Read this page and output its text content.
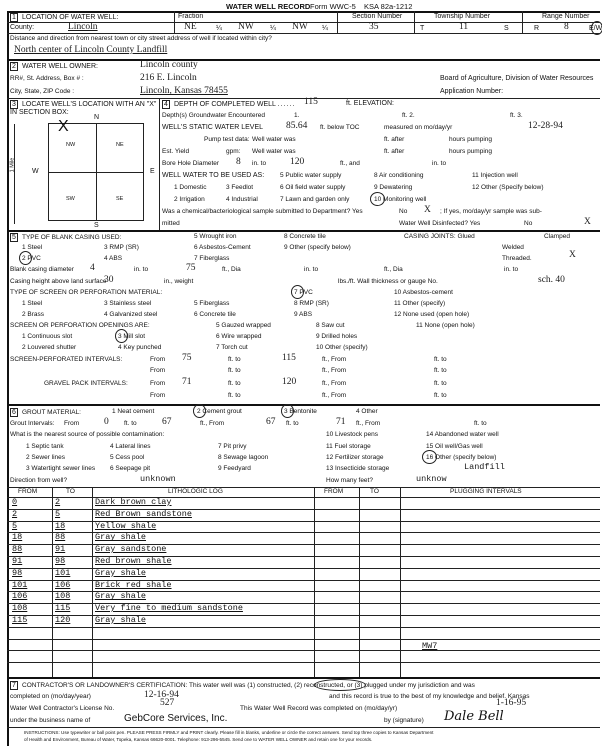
WATER WELL RECORD Form WWC-5 KSA 82a-1212
1 LOCATION OF WATER WELL:	Fraction	Section Number	Township Number	Range Number
County:	Lincoln	NE	¼ NW ¼ NW ¼	35	T	11	S	R	8	E/W
Distance and direction from nearest town or city street address of well if located within city?
North center of Lincoln County Landfill
2 WATER WELL OWNER:	Lincoln county
RR#, St. Address, Box # :	216 E. Lincoln
City, State, ZIP Code :	Lincoln, Kansas 78455
Board of Agriculture, Division of Water Resources
Application Number:
3 LOCATE WELL'S LOCATION WITH AN "X" IN SECTION BOX:
N
S
W	E
1 Mile
NW	NE
SW	SE
X
4 DEPTH OF COMPLETED WELL ...... 115	ft. ELEVATION:
Depth(s) Groundwater Encountered	1.	ft. 2.	ft. 3.
WELL'S STATIC WATER LEVEL 85.64 ft. below TOC	measured on mo/day/yr	12-28-94
Pump test data: Well water was	ft. after	hours pumping
Est. Yield	gpm: Well water was	ft. after	hours pumping
Bore Hole Diameter 8 in. to	120	ft., and	in. to
WELL WATER TO BE USED AS:
1 Domestic	3 Feedlot
5 Public water supply	8 Air conditioning	11 Injection well
2 Irrigation	4 Industrial
6 Oil field water supply	9 Dewatering	12 Other (Specify below)
7 Lawn and garden only	10 Monitoring well
Was a chemical/bacteriological sample submitted to Department? Yes	No X ; If yes, mo/day/yr sample was sub-
mitted	Water Well Disinfected? Yes	No	X
5 TYPE OF BLANK CASING USED:
1 Steel	3 RMP (SR)
5 Wrought iron	8 Concrete tile
2 PVC	4 ABS
6 Asbestos-Cement	9 Other (specify below)
7 Fiberglass
CASING JOINTS: Glued	Clamped
Welded
Threaded.	X
Blank casing diameter 4	in. to	75	ft., Dia	in. to	ft., Dia	in. to
Casing height above land surface
30	in., weight	lbs./ft. Wall thickness or gauge No.	sch. 40
TYPE OF SCREEN OR PERFORATION MATERIAL:
1 Steel	3 Stainless steel	5 Fiberglass
7 PVC	10 Asbestos-cement
2 Brass	4 Galvanized steel	6 Concrete tile
8 RMP (SR)	11 Other (specify)
9 ABS	12 None used (open hole)
SCREEN OR PERFORATION OPENINGS ARE:
1 Continuous slot	3 Mill slot
5 Gauzed wrapped	8 Saw cut	11 None (open hole)
2 Louvered shutter	4 Key punched
6 Wire wrapped	9 Drilled holes
7 Torch cut	10 Other (specify)
SCREEN-PERFORATED INTERVALS:	From 75	ft. to	115	ft., From	ft. to
From	ft. to	ft., From	ft. to
GRAVEL PACK INTERVALS:	From 71	ft. to	120	ft., From	ft. to
From	ft. to	ft., From	ft. to
6 GROUT MATERIAL:	1 Neat cement	2 Cement grout	3 Bentonite	4 Other
Grout Intervals: From	0 ft. to	67	ft., From	67 ft. to	71 ft., From	ft. to
What is the nearest source of possible contamination:
1 Septic tank	4 Lateral lines	7 Pit privy
10 Livestock pens	14 Abandoned water well
2 Sewer lines	5 Cess pool	8 Sewage lagoon
11 Fuel storage	15 Oil well/Gas well
3 Watertight sewer lines 6 Seepage pit	9 Feedyard
12 Fertilizer storage	16 Other (specify below)
13 Insecticide storage	Landfill
Direction from well?	unknown	How many feet?	unknow
FROM	TO	LITHOLOGIC LOG	FROM	TO	PLUGGING INTERVALS
0	2	Dark brown clay
2	5	Red Brown sandstone
5	18	Yellow shale
18	88	Gray shale
88	91	Gray sandstone
91	98	Red brown shale
98	101	Gray shale
101	106	Brick red shale
106	108	Gray shale
108	115	Very fine to medium sandstone
115	120	Gray shale
MW7
7 CONTRACTOR'S OR LANDOWNER'S CERTIFICATION: This water well was (1) constructed, (2) reconstructed, or (3) plugged under my jurisdiction and was
completed on (mo/day/year)	12-16-94	and this record is true to the best of my knowledge and belief. Kansas
Water Well Contractor's License No.
527
This Water Well Record was completed on (mo/day/yr)
1-16-95
under the business name of	GebCore Services, Inc.	by (signature) Dale Bell
INSTRUCTIONS: Use typewriter or ball point pen. PLEASE PRESS FIRMLY and PRINT clearly. Please fill in blanks, underline or circle the correct answers. Send top three copies to Kansas Department
of Health and Environment, Bureau of Water, Topeka, Kansas 66620-0001. Telephone: 913-296-5545. Send one to WATER WELL OWNER and retain one for your records.
